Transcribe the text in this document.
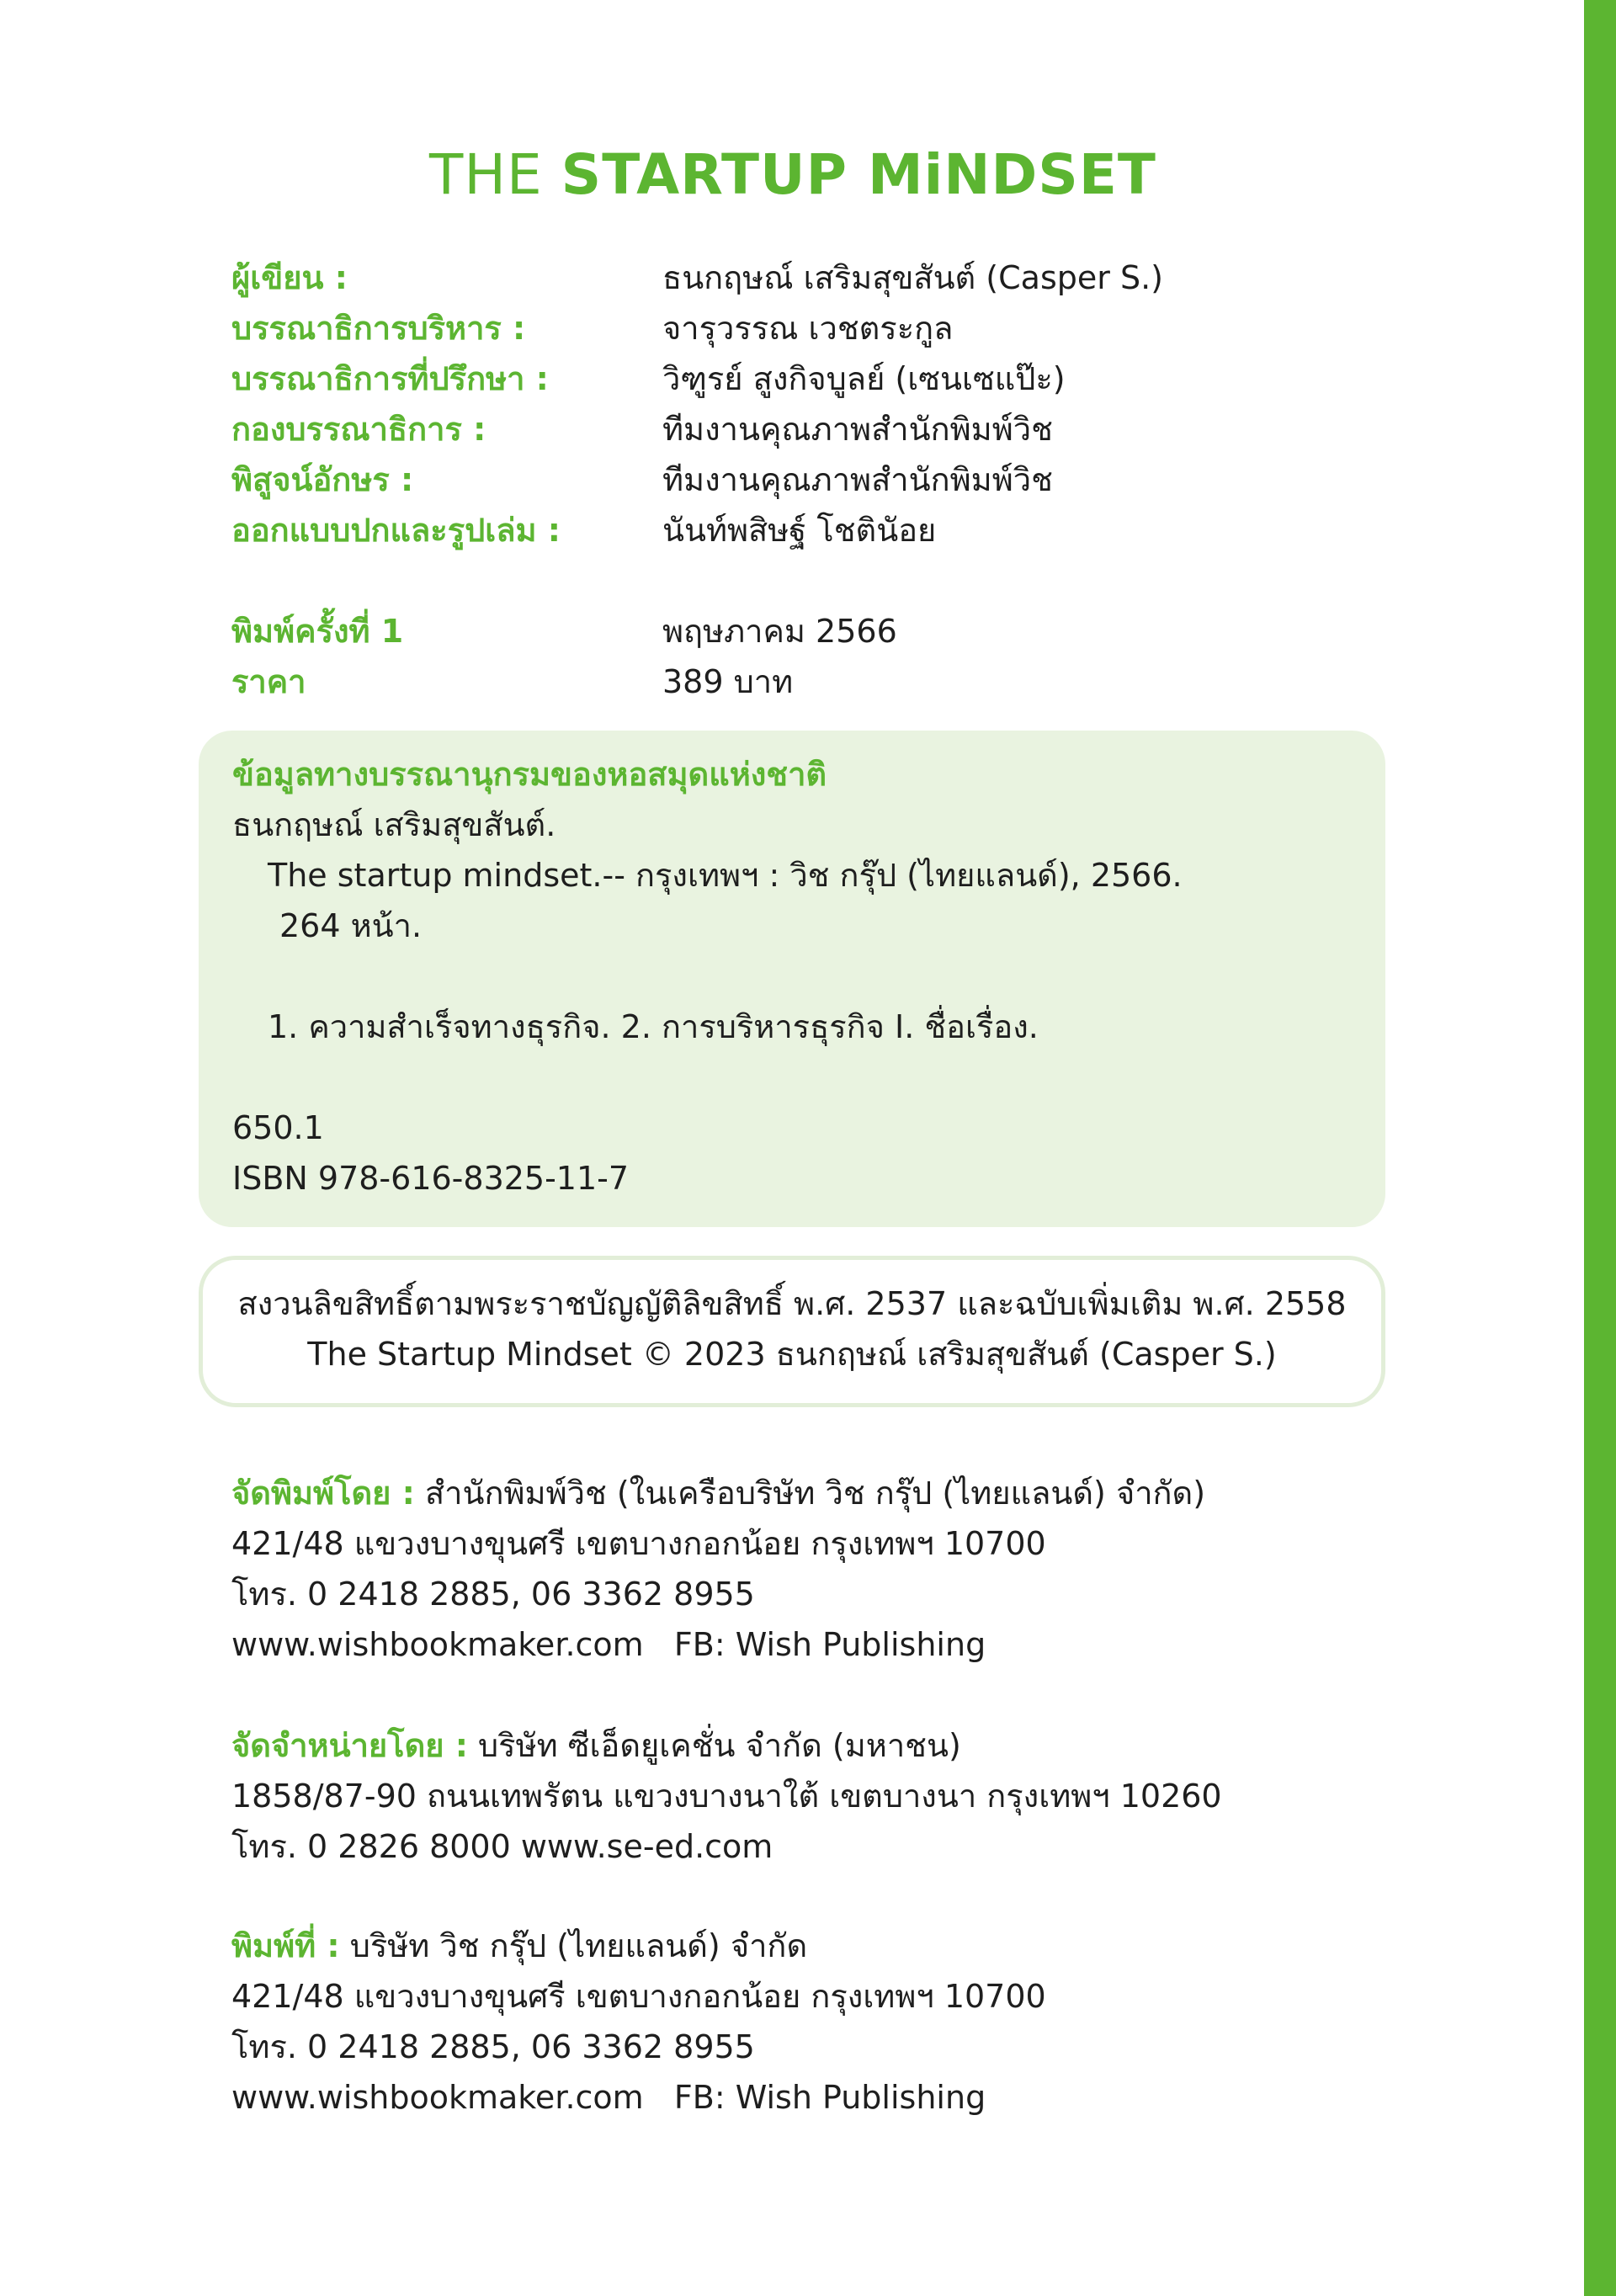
THE STARTUP MiNDSET
ผู้เขียน :	ธนกฤษณ์ เสริมสุขสันต์ (Casper S.)
บรรณาธิการบริหาร :	จารุวรรณ เวชตระกูล
บรรณาธิการที่ปรึกษา :	วิฑูรย์ สูงกิจบูลย์ (เซนเซแป๊ะ)
กองบรรณาธิการ :	ทีมงานคุณภาพสำนักพิมพ์วิช
พิสูจน์อักษร :	ทีมงานคุณภาพสำนักพิมพ์วิช
ออกแบบปกและรูปเล่ม :	นันท์พสิษฐ์ โชตินัอย
พิมพ์ครั้งที่ 1	พฤษภาคม 2566
ราคา	389 บาท
ข้อมูลทางบรรณานุกรมของหอสมุดแห่งชาติ
ธนกฤษณ์ เสริมสุขสันต์.
The startup mindset.-- กรุงเทพฯ : วิช กรุ๊ป (ไทยแลนด์), 2566.
264 หน้า.
1. ความสำเร็จทางธุรกิจ. 2. การบริหารธุรกิจ I. ชื่อเรื่อง.
650.1
ISBN 978-616-8325-11-7
สงวนลิขสิทธิ์ตามพระราชบัญญัติลิขสิทธิ์ พ.ศ. 2537 และฉบับเพิ่มเติม พ.ศ. 2558
The Startup Mindset © 2023 ธนกฤษณ์ เสริมสุขสันต์ (Casper S.)
จัดพิมพ์โดย : สำนักพิมพ์วิช (ในเครือบริษัท วิช กรุ๊ป (ไทยแลนด์) จำกัด)
421/48 แขวงบางขุนศรี เขตบางกอกน้อย กรุงเทพฯ 10700
โทร. 0 2418 2885, 06 3362 8955
www.wishbookmaker.com   FB: Wish Publishing
จัดจำหน่ายโดย : บริษัท ซีเอ็ดยูเคชั่น จำกัด (มหาชน)
1858/87-90 ถนนเทพรัตน แขวงบางนาใต้ เขตบางนา กรุงเทพฯ 10260
โทร. 0 2826 8000 www.se-ed.com
พิมพ์ที่ : บริษัท วิช กรุ๊ป (ไทยแลนด์) จำกัด
421/48 แขวงบางขุนศรี เขตบางกอกน้อย กรุงเทพฯ 10700
โทร. 0 2418 2885, 06 3362 8955
www.wishbookmaker.com   FB: Wish Publishing
